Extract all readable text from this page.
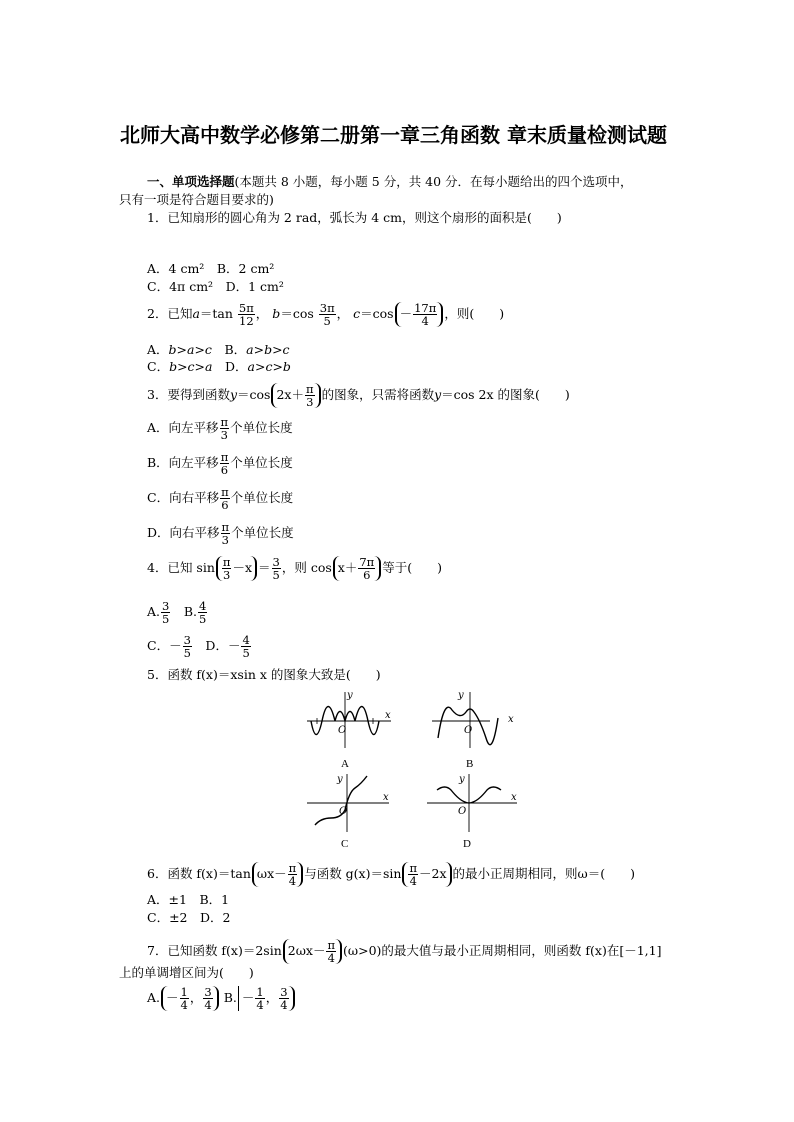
北师大高中数学必修第二册第一章三角函数 章末质量检测试题
一、单项选择题(本题共 8 小题，每小题 5 分，共 40 分．在每小题给出的四个选项中，
只有一项是符合题目要求的)
1．已知扇形的圆心角为 2 rad，弧长为 4 cm，则这个扇形的面积是(　　)
A．4 cm²　 B．2 cm²
C．4π cm²　 D．1 cm²
2．已知$a=\tan \frac{5\pi}{12}$ ， $b=\cos \frac{3\pi}{5}$ ， $c=\cos - \frac{17\pi}{4}$ ，则(　　)
A．b>a>c　 B．a>b>c
C．b>c>a　 D．a>c>b
3．要得到函数y＝cos $2x+ \frac{\pi}{3}$ 的图象，只需将函数y＝cos 2x 的图象(　　)
A．向左平移 $\frac{\pi}{3}$ 个单位长度
B．向左平移 $\frac{\pi}{6}$ 个单位长度
C．向右平移 $\frac{\pi}{6}$ 个单位长度
D．向右平移 $\frac{\pi}{3}$ 个单位长度
4．已知 $\sin \frac{\pi}{3} -x = \frac{3}{5}$ ，则 $\cos x+ \frac{7\pi}{6}$ 等于(　　)
A. $\frac{3}{5}$
　 B. $\frac{4}{5}$
C．－ $\frac{3}{5}$
　 D．－ $\frac{4}{5}$
5．函数 f(x)＝xsin x 的图象大致是(　　)
y
x
O
A
y
x
O
B
y
x
O
C
y
x
O
D
6．函数 f(x)＝tan $\omega x- \frac{\pi}{4}$ 与函数 $g(x)=\sin \frac{\pi}{4} -2x$ 的最小正周期相同，则ω＝(　　)
A．±1　 B．1
C．±2　 D．2
7．已知函数 f(x)＝2sin $2\omega x- \frac{\pi}{4} (\omega>0)$的最大值与最小正周期相同，则函数 f(x)在[－1,1]
上的单调增区间为(　　)
A. － $\frac{1}{4}$ ， $\frac{3}{4} B$. － $\frac{1}{4}$ ， $\frac{3}{4}$
